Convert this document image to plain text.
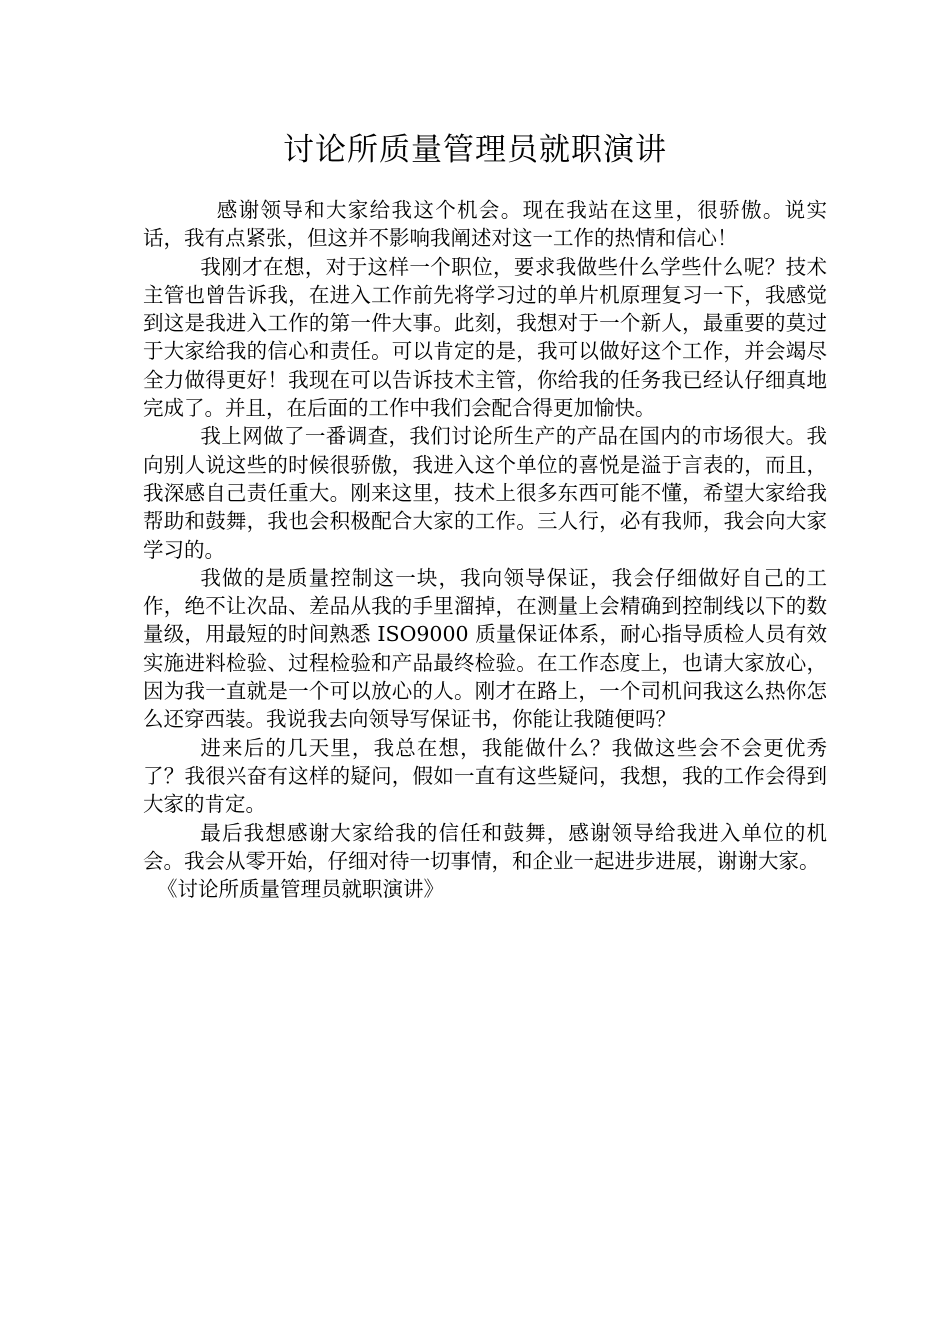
讨论所质量管理员就职演讲

感谢领导和大家给我这个机会。现在我站在这里，很骄傲。说实话，我有点紧张，但这并不影响我阐述对这一工作的热情和信心！

我刚才在想，对于这样一个职位，要求我做些什么学些什么呢？技术主管也曾告诉我，在进入工作前先将学习过的单片机原理复习一下，我感觉到这是我进入工作的第一件大事。此刻，我想对于一个新人，最重要的莫过于大家给我的信心和责任。可以肯定的是，我可以做好这个工作，并会竭尽全力做得更好！我现在可以告诉技术主管，你给我的任务我已经认仔细真地完成了。并且，在后面的工作中我们会配合得更加愉快。

我上网做了一番调查，我们讨论所生产的产品在国内的市场很大。我向别人说这些的时候很骄傲，我进入这个单位的喜悦是溢于言表的，而且，我深感自己责任重大。刚来这里，技术上很多东西可能不懂，希望大家给我帮助和鼓舞，我也会积极配合大家的工作。三人行，必有我师，我会向大家学习的。

我做的是质量控制这一块，我向领导保证，我会仔细做好自己的工作，绝不让次品、差品从我的手里溜掉，在测量上会精确到控制线以下的数量级，用最短的时间熟悉 ISO9000 质量保证体系，耐心指导质检人员有效实施进料检验、过程检验和产品最终检验。在工作态度上，也请大家放心，因为我一直就是一个可以放心的人。刚才在路上，一个司机问我这么热你怎么还穿西装。我说我去向领导写保证书，你能让我随便吗？

进来后的几天里，我总在想，我能做什么？我做这些会不会更优秀了？我很兴奋有这样的疑问，假如一直有这些疑问，我想，我的工作会得到大家的肯定。

最后我想感谢大家给我的信任和鼓舞，感谢领导给我进入单位的机会。我会从零开始，仔细对待一切事情，和企业一起进步进展，谢谢大家。

《讨论所质量管理员就职演讲》
